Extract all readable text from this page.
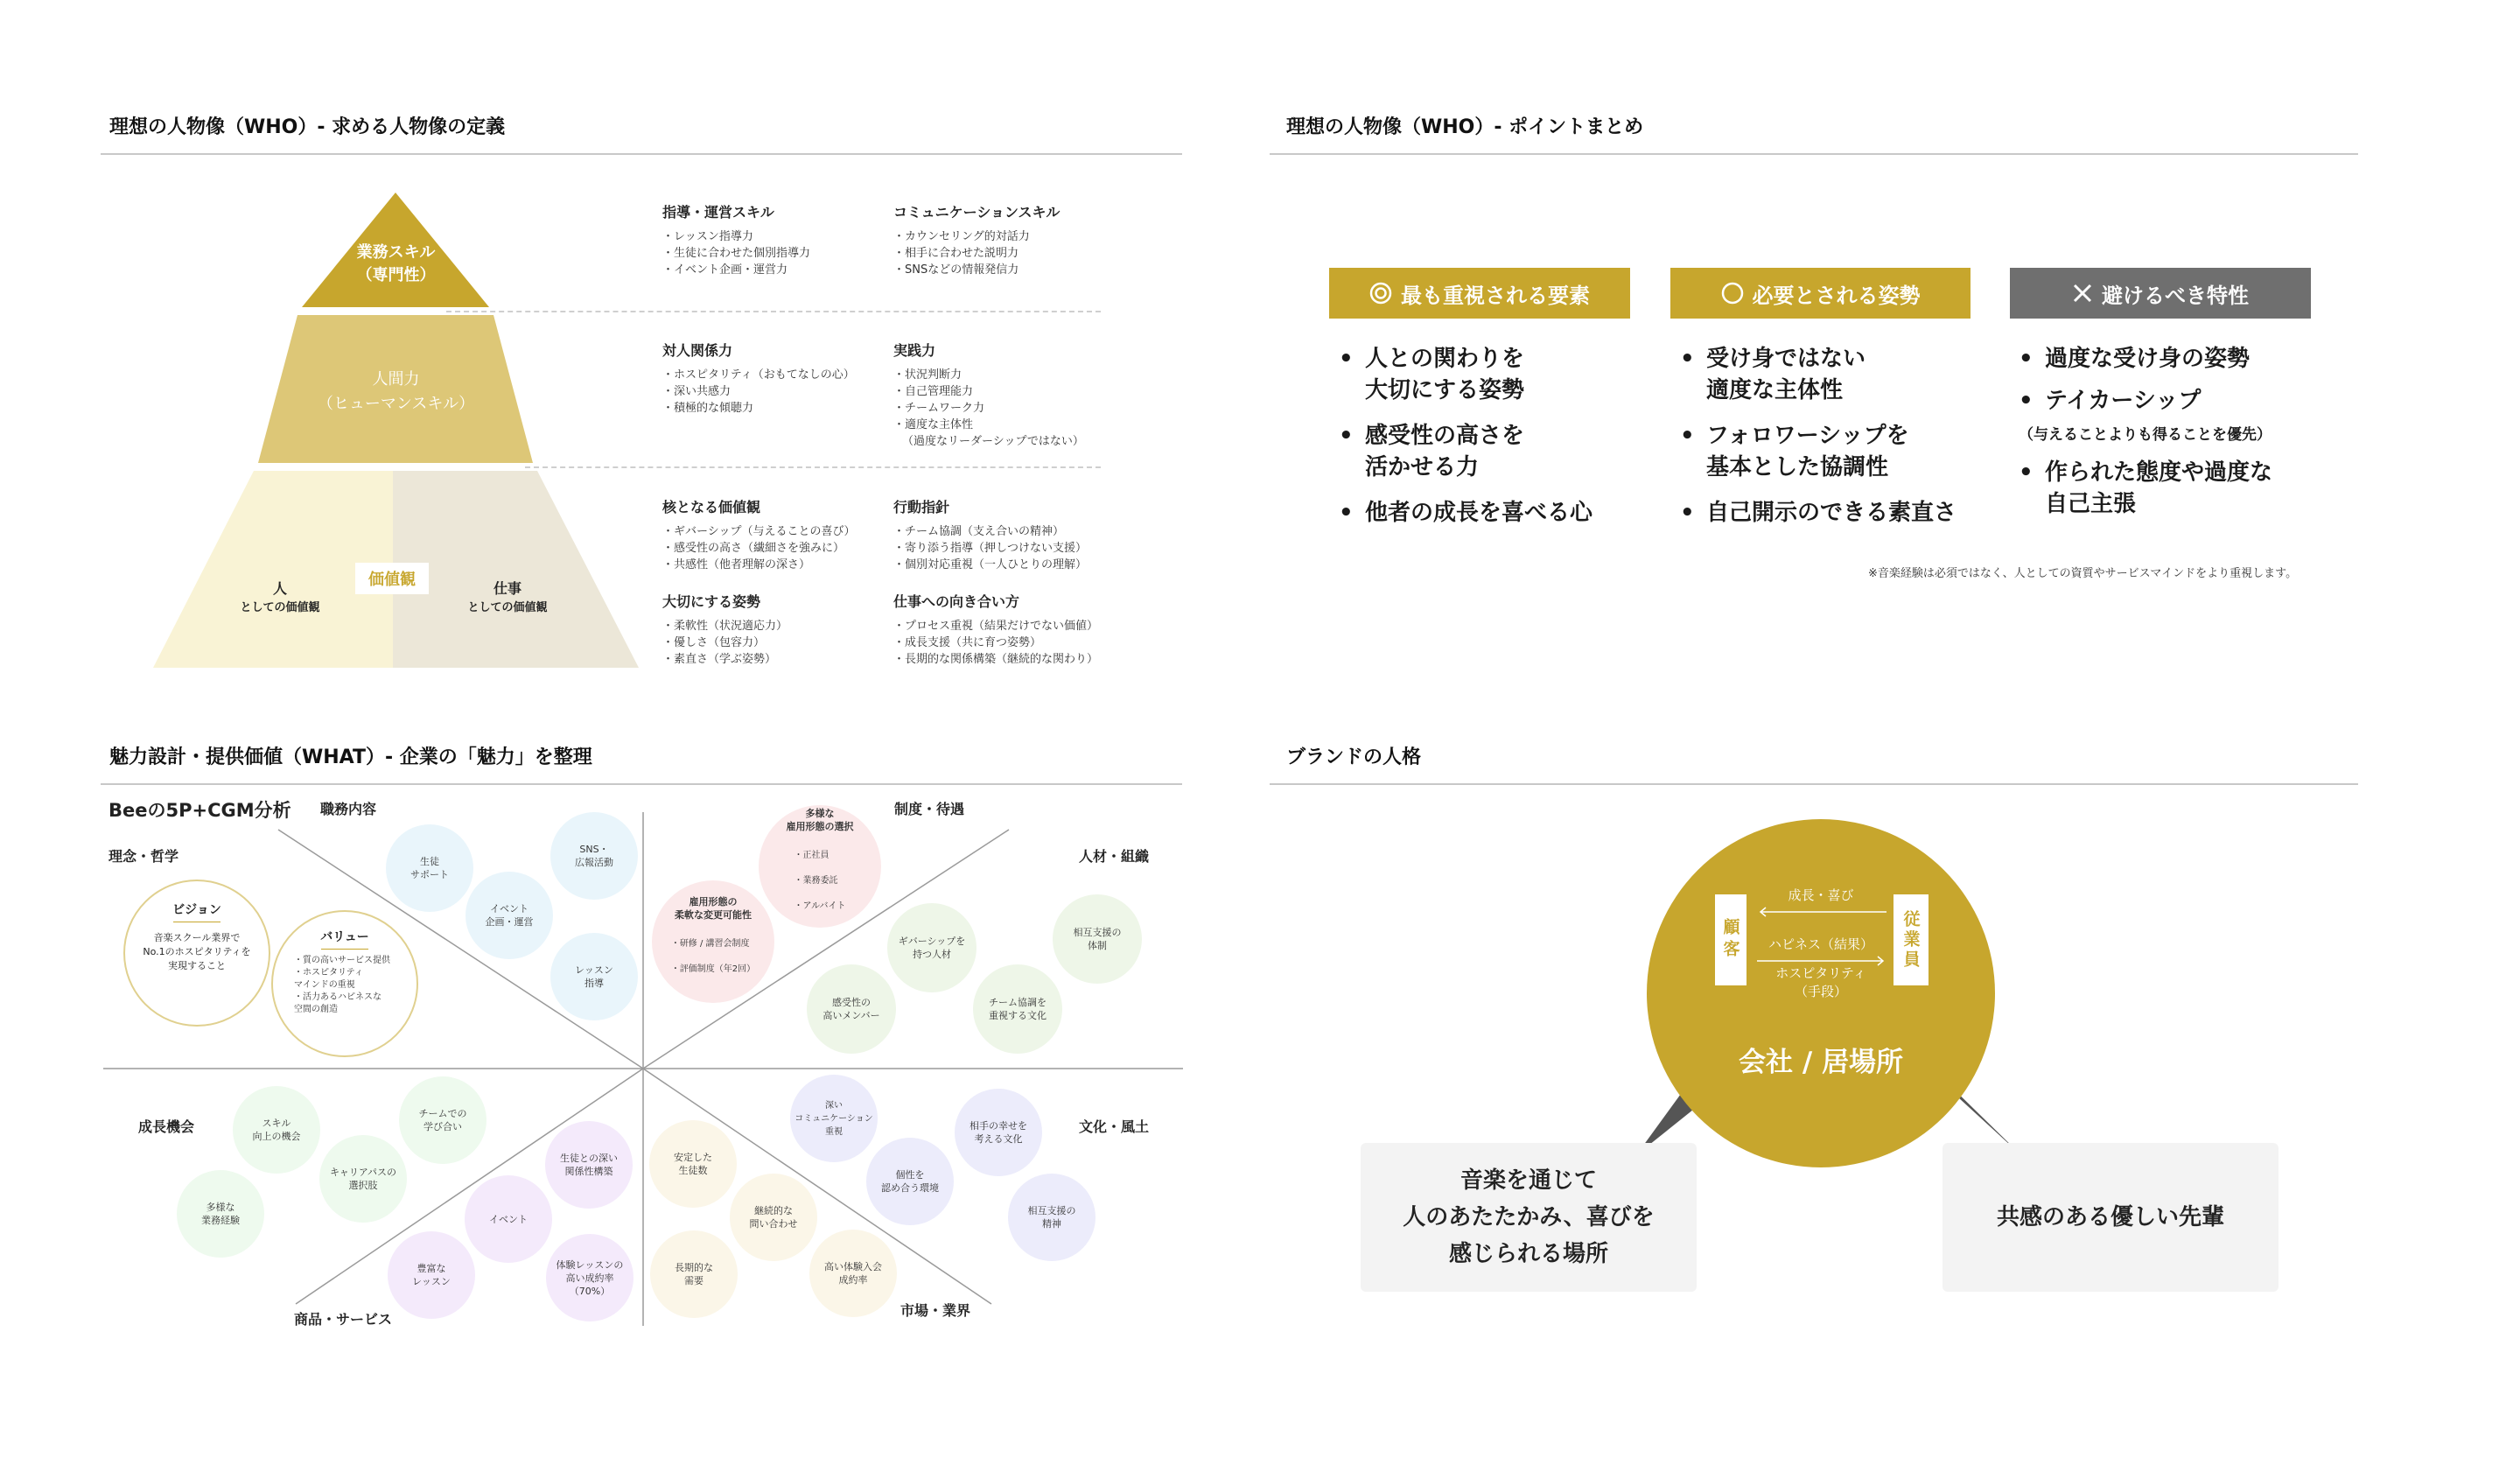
理想の人物像（WHO）- 求める人物像の定義
業務スキル
（専門性）
人間力
（ヒューマンスキル）
価値観
人
としての価値観
仕事
としての価値観
指導・運営スキル
・ レッスン指導力
・ 生徒に合わせた個別指導力
・ イベント企画・運営力
コミュニケーションスキル
・ カウンセリング的対話力
・ 相手に合わせた説明力
・ SNSなどの情報発信力
対人関係力
・ ホスピタリティ（おもてなしの心）
・ 深い共感力
・ 積極的な傾聴力
実践力
・ 状況判断力
・ 自己管理能力
・ チームワーク力
・ 適度な主体性
（過度なリーダーシップではない）
核となる価値観
・ ギバーシップ（与えることの喜び）
・ 感受性の高さ（繊細さを強みに）
・ 共感性（他者理解の深さ）
行動指針
・ チーム協調（支え合いの精神）
・ 寄り添う指導（押しつけない支援）
・ 個別対応重視（一人ひとりの理解）
大切にする姿勢
・ 柔軟性（状況適応力）
・ 優しさ（包容力）
・ 素直さ（学ぶ姿勢）
仕事への向き合い方
・ プロセス重視（結果だけでない価値）
・ 成長支援（共に育つ姿勢）
・ 長期的な関係構築（継続的な関わり）
理想の人物像（WHO）- ポイントまとめ
最も重視される要素	必要とされる姿勢	避けるべき特性
• 人との関わりを
大切にする姿勢
• 感受性の高さを
活かせる力
• 他者の成長を喜べる心
• 受け身ではない
適度な主体性
• フォロワーシップを
基本とした協調性
• 自己開示のできる素直さ
• 過度な受け身の姿勢
• テイカーシップ
（与えることよりも得ることを優先）
• 作られた態度や過度な
自己主張
※音楽経験は必須ではなく、人としての資質やサービスマインドをより重視します。
魅力設計・提供価値（WHAT）- 企業の「魅力」を整理
Beeの5P+CGM分析
理念・哲学
職務内容	制度・待遇
人材・組織
成長機会	文化・風土
商品・サービス
市場・業界
ビジョン
音楽スクール業界で
No.1のホスピタリティを
実現すること
バリュー
・ 質の高いサービス提供
・ ホスピタリティ
マインドの重視
・ 活力あるハピネスな
空間の創造
生徒
サポート
SNS・
広報活動
イベント
企画・運営
レッスン
指導
多様な
雇用形態の選択

・ 正社員

・ 業務委託

・ アルバイト

雇用形態の
柔軟な変更可能性

・ 研修 / 講習会制度

・ 評価制度（年2回）

ギバーシップを
持つ人材
相互支援の
体制
感受性の
高いメンバー
チーム協調を
重視する文化
スキル
向上の機会
チームでの
学び合い
キャリアパスの
選択肢
多様な
業務経験
生徒との深い
関係性構築
イベント
豊富な
レッスン
体験レッスンの
高い成約率
（70%）
深い
コミュニケーション
重視	相手の幸せを
考える文化
個性を
認め合う環境
相互支援の
精神
安定した
生徒数
継続的な
問い合わせ
長期的な
需要
高い体験入会
成約率
ブランドの人格
顧客	従業員
成長・喜び
ハピネス（結果）
ホスピタリティ
（手段）
会社 / 居場所
音楽を通じて
人のあたたかみ、喜びを
感じられる場所
共感のある優しい先輩
